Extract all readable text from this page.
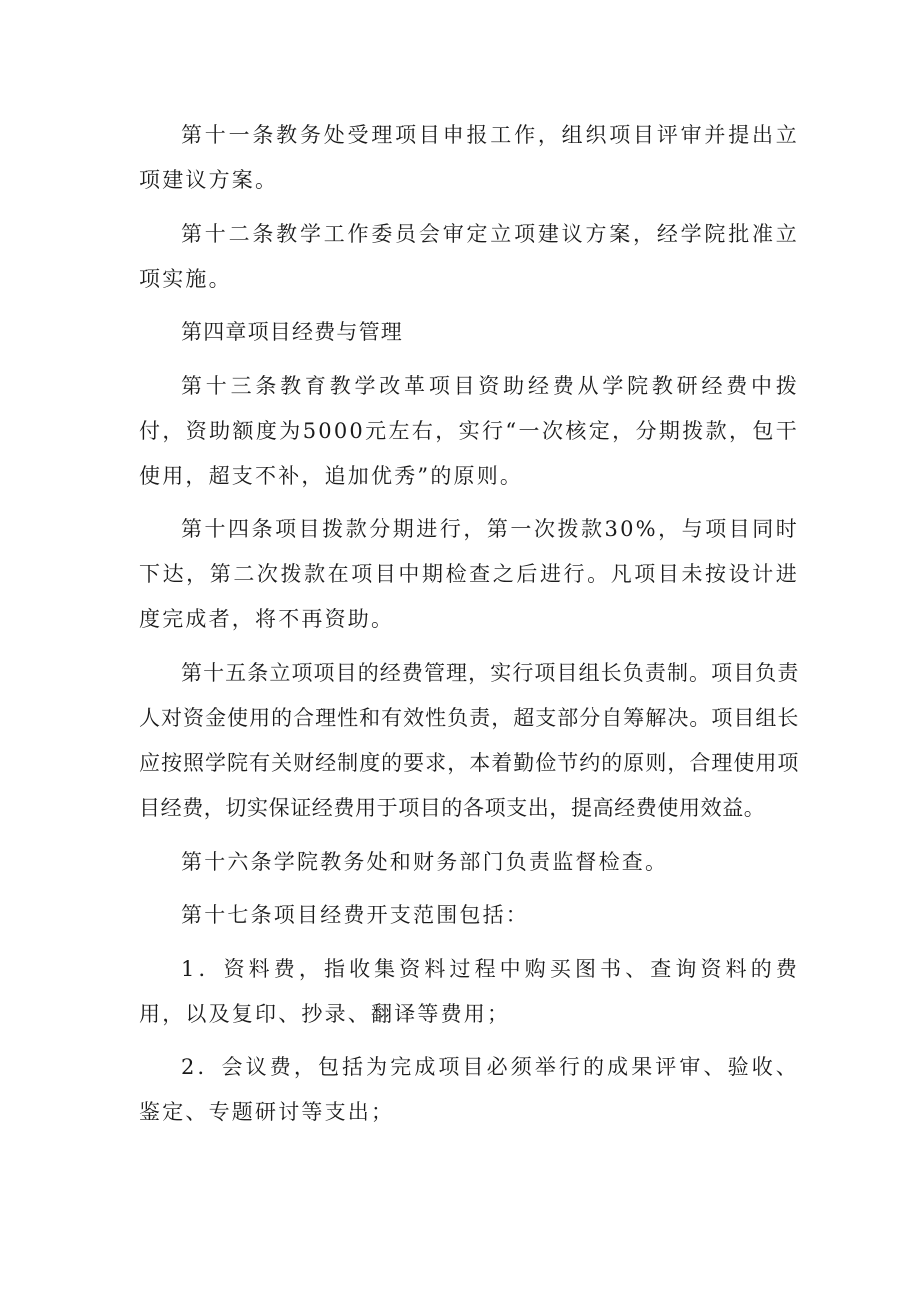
第十一条教务处受理项目申报工作，组织项目评审并提出立项建议方案。

第十二条教学工作委员会审定立项建议方案，经学院批准立项实施。

第四章项目经费与管理

第十三条教育教学改革项目资助经费从学院教研经费中拨付，资助额度为5000元左右，实行“一次核定，分期拨款，包干使用，超支不补，追加优秀”的原则。

第十四条项目拨款分期进行，第一次拨款30%，与项目同时下达，第二次拨款在项目中期检查之后进行。凡项目未按设计进度完成者，将不再资助。

第十五条立项项目的经费管理，实行项目组长负责制。项目负责人对资金使用的合理性和有效性负责，超支部分自筹解决。项目组长应按照学院有关财经制度的要求，本着勤俭节约的原则，合理使用项目经费，切实保证经费用于项目的各项支出，提高经费使用效益。

第十六条学院教务处和财务部门负责监督检查。

第十七条项目经费开支范围包括：

1．资料费，指收集资料过程中购买图书、查询资料的费用，以及复印、抄录、翻译等费用；

2．会议费，包括为完成项目必须举行的成果评审、验收、鉴定、专题研讨等支出；
